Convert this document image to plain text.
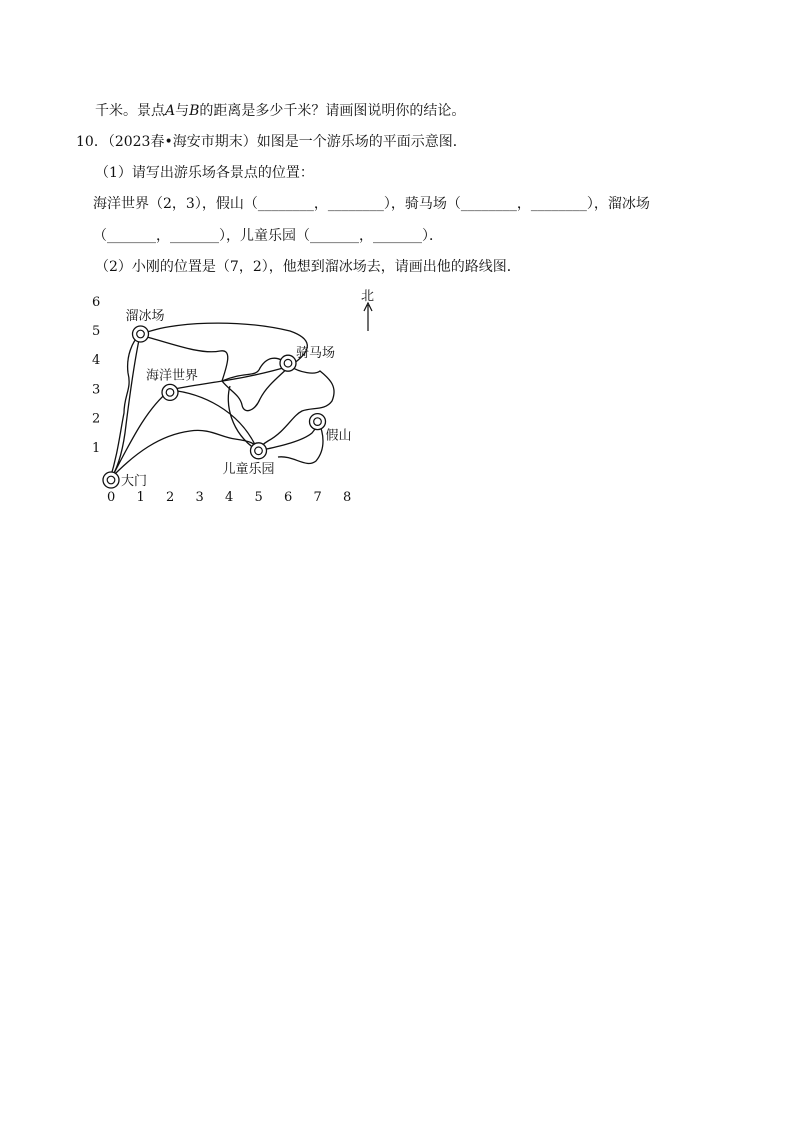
千米。景点A与B的距离是多少千米？请画图说明你的结论。
10．（2023春•海安市期末）如图是一个游乐场的平面示意图．
（1）请写出游乐场各景点的位置：
海洋世界（2，3），假山（________，________），骑马场（________，________），溜冰场
（_______，_______），儿童乐园（_______，_______）．
（2）小刚的位置是（7，2），他想到溜冰场去，请画出他的路线图．
大门
溜冰场
海洋世界
骑马场
假山
儿童乐园
0 1 2 3 4 5 6 7 8
1
2
3
4
5
6	北
